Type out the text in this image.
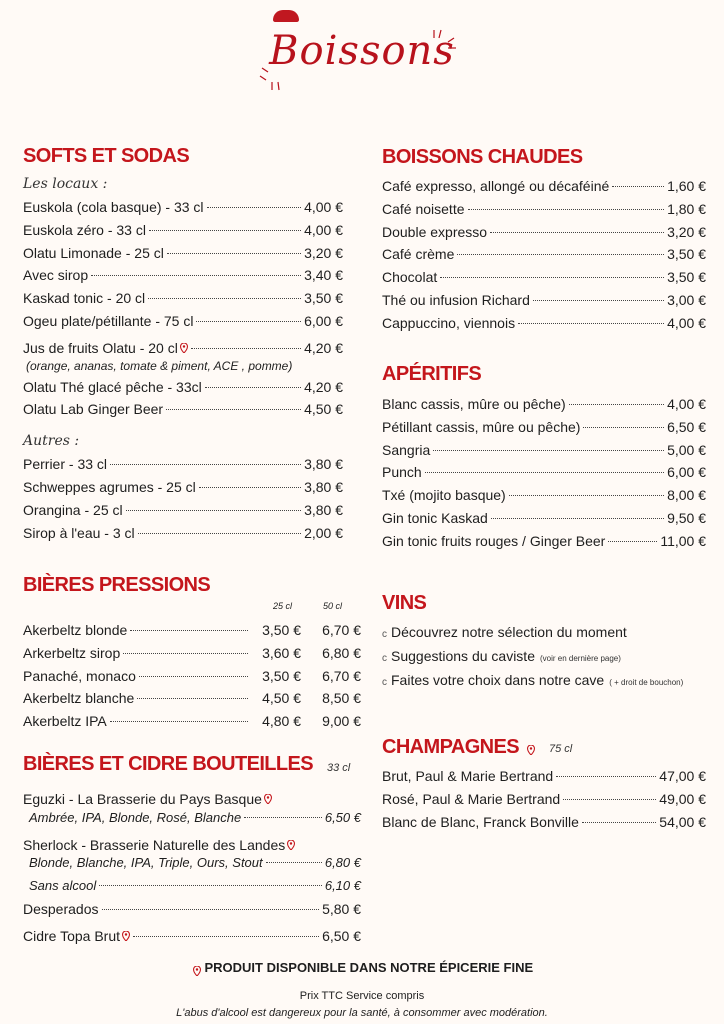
Boissons
SOFTS ET SODAS
Les locaux :
Euskola (cola basque) - 33 cl	4,00 €
Euskola zéro - 33 cl	4,00 €
Olatu Limonade - 25 cl	3,20 €
Avec sirop	3,40 €
Kaskad tonic - 20 cl	3,50 €
Ogeu plate/pétillante - 75 cl	6,00 €
Jus de fruits Olatu - 20 cl	4,20 €
(orange, ananas, tomate & piment, ACE , pomme)
Olatu Thé glacé pêche - 33cl	4,20 €
Olatu Lab Ginger Beer	4,50 €
Autres :
Perrier - 33 cl	3,80 €
Schweppes agrumes - 25 cl	3,80 €
Orangina - 25 cl	3,80 €
Sirop à l'eau - 3 cl	2,00 €
BIÈRES PRESSIONS
25 cl	50 cl
Akerbeltz blonde	3,50 €	6,70 €
Arkerbeltz sirop	3,60 €	6,80 €
Panaché, monaco	3,50 €	6,70 €
Akerbeltz blanche	4,50 €	8,50 €
Akerbeltz IPA	4,80 €	9,00 €
BIÈRES ET CIDRE BOUTEILLES 33 cl
Eguzki - La Brasserie du Pays Basque
Ambrée, IPA, Blonde, Rosé, Blanche	6,50 €
Sherlock - Brasserie Naturelle des Landes
Blonde, Blanche, IPA, Triple, Ours, Stout	6,80 €
Sans alcool	6,10 €
Desperados	5,80 €
Cidre Topa Brut	6,50 €
BOISSONS CHAUDES
Café expresso, allongé ou décaféiné	1,60 €
Café noisette	1,80 €
Double expresso	3,20 €
Café crème	3,50 €
Chocolat	3,50 €
Thé ou infusion Richard	3,00 €
Cappuccino, viennois	4,00 €
APÉRITIFS
Blanc cassis, mûre ou pêche)	4,00 €
Pétillant cassis, mûre ou pêche)	6,50 €
Sangria	5,00 €
Punch	6,00 €
Txé (mojito basque)	8,00 €
Gin tonic Kaskad	9,50 €
Gin tonic fruits rouges / Ginger Beer	11,00 €
VINS
c Découvrez notre sélection du moment
c Suggestions du caviste (voir en dernière page)
c Faites votre choix dans notre cave ( + droit de bouchon)
CHAMPAGNES	75 cl
Brut, Paul & Marie Bertrand	47,00 €
Rosé, Paul & Marie Bertrand	49,00 €
Blanc de Blanc, Franck Bonville	54,00 €
PRODUIT DISPONIBLE DANS NOTRE ÉPICERIE FINE
Prix TTC Service compris
L'abus d'alcool est dangereux pour la santé, à consommer avec modération.
